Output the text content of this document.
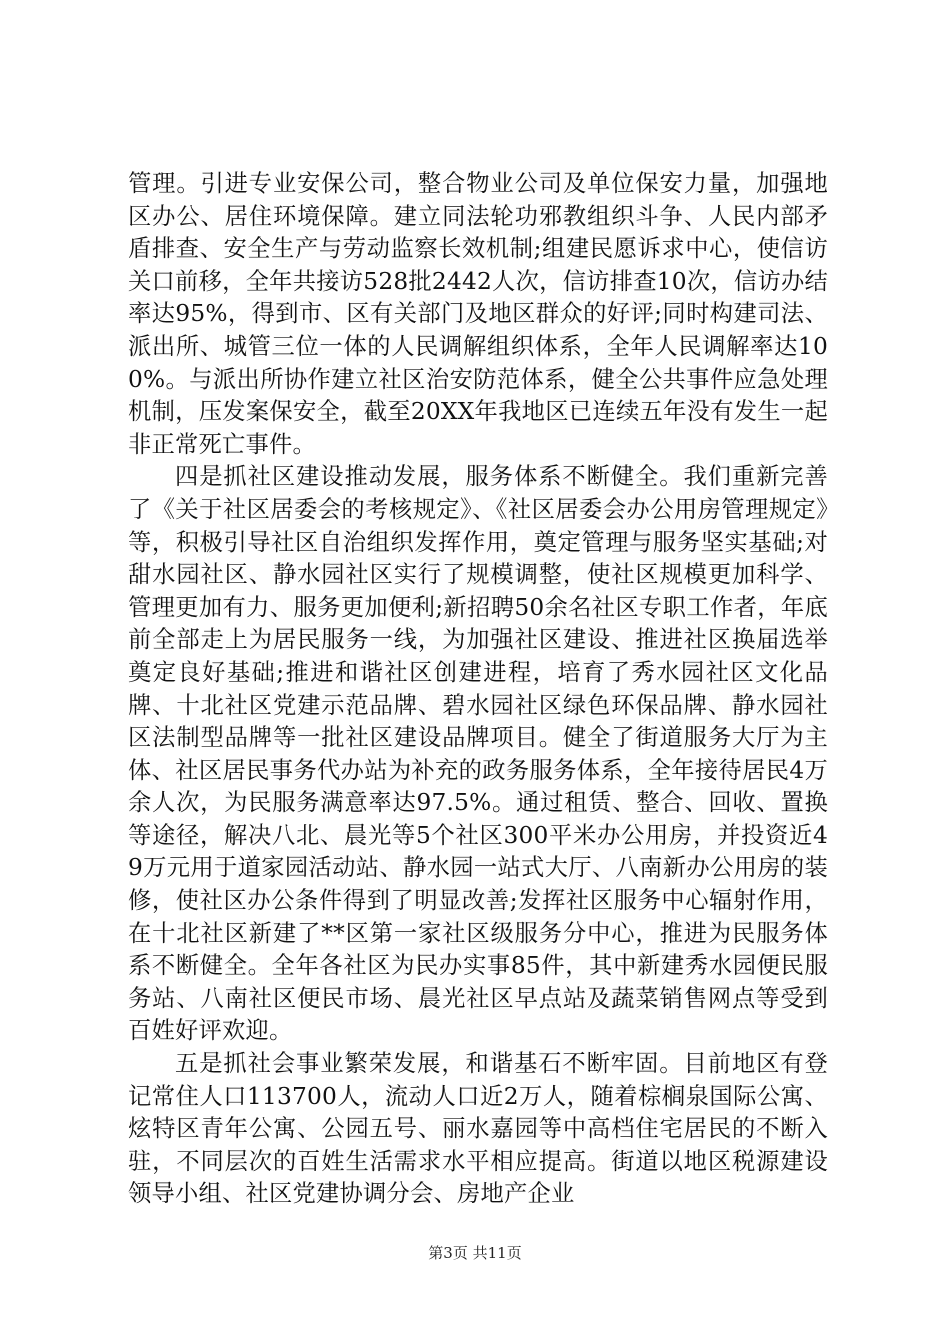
管理。引进专业安保公司，整合物业公司及单位保安力量，加强地区办公、居住环境保障。建立同法轮功邪教组织斗争、人民内部矛盾排查、安全生产与劳动监察长效机制;组建民愿诉求中心，使信访关口前移，全年共接访528批2442人次，信访排查10次，信访办结率达95%，得到市、区有关部门及地区群众的好评;同时构建司法、派出所、城管三位一体的人民调解组织体系，全年人民调解率达100%。与派出所协作建立社区治安防范体系，健全公共事件应急处理机制，压发案保安全，截至20XX年我地区已连续五年没有发生一起非正常死亡事件。

四是抓社区建设推动发展，服务体系不断健全。我们重新完善了《关于社区居委会的考核规定》、《社区居委会办公用房管理规定》等，积极引导社区自治组织发挥作用，奠定管理与服务坚实基础;对甜水园社区、静水园社区实行了规模调整，使社区规模更加科学、管理更加有力、服务更加便利;新招聘50余名社区专职工作者，年底前全部走上为居民服务一线，为加强社区建设、推进社区换届选举奠定良好基础;推进和谐社区创建进程，培育了秀水园社区文化品牌、十北社区党建示范品牌、碧水园社区绿色环保品牌、静水园社区法制型品牌等一批社区建设品牌项目。健全了街道服务大厅为主体、社区居民事务代办站为补充的政务服务体系，全年接待居民4万余人次，为民服务满意率达97.5%。通过租赁、整合、回收、置换等途径，解决八北、晨光等5个社区300平米办公用房，并投资近49万元用于道家园活动站、静水园一站式大厅、八南新办公用房的装修，使社区办公条件得到了明显改善;发挥社区服务中心辐射作用，在十北社区新建了**区第一家社区级服务分中心，推进为民服务体系不断健全。全年各社区为民办实事85件，其中新建秀水园便民服务站、八南社区便民市场、晨光社区早点站及蔬菜销售网点等受到百姓好评欢迎。

五是抓社会事业繁荣发展，和谐基石不断牢固。目前地区有登记常住人口113700人，流动人口近2万人，随着棕榈泉国际公寓、炫特区青年公寓、公园五号、丽水嘉园等中高档住宅居民的不断入驻，不同层次的百姓生活需求水平相应提高。街道以地区税源建设领导小组、社区党建协调分会、房地产企业

第3页 共11页
